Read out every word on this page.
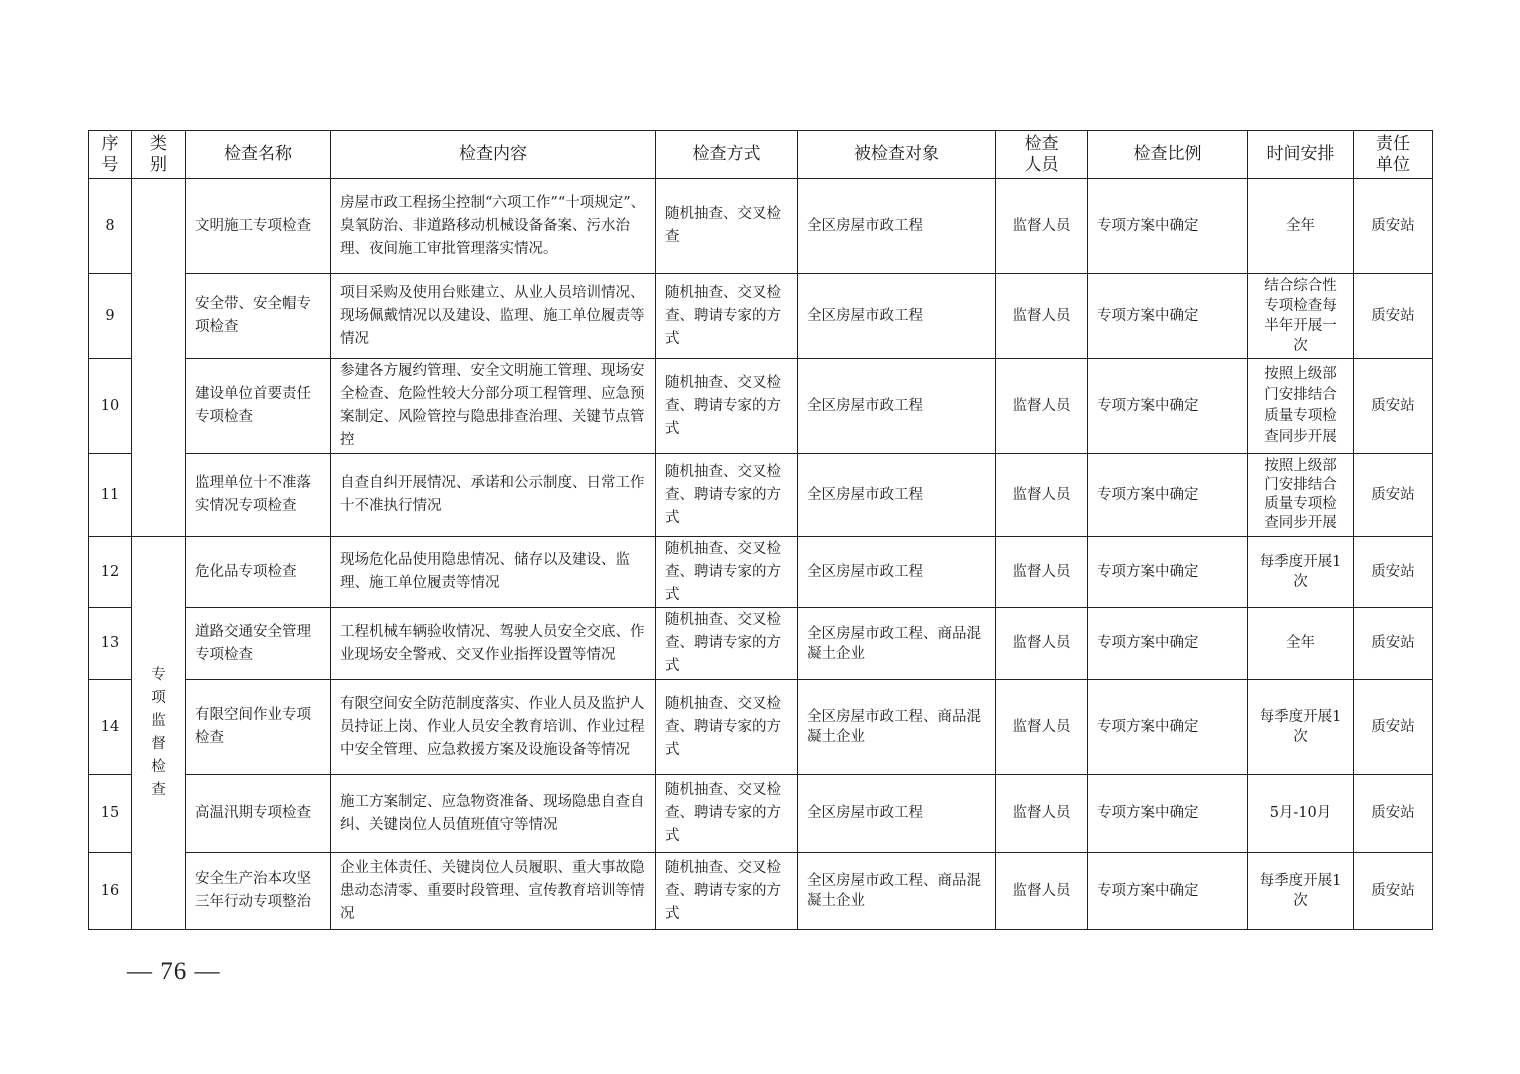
序号	类别	检查名称	检查内容	检查方式	被检查对象	检查人员	检查比例	时间安排	责任单位

8		文明施工专项检查	房屋市政工程扬尘控制“六项工作”“十项规定”、臭氧防治、非道路移动机械设备备案、污水治理、夜间施工审批管理落实情况。	随机抽查、交叉检查	全区房屋市政工程	监督人员	专项方案中确定	全年	质安站
9		安全带、安全帽专项检查	项目采购及使用台账建立、从业人员培训情况、现场佩戴情况以及建设、监理、施工单位履责等情况	随机抽查、交叉检查、聘请专家的方式	全区房屋市政工程	监督人员	专项方案中确定	结合综合性专项检查每半年开展一次	质安站
10		建设单位首要责任专项检查	参建各方履约管理、安全文明施工管理、现场安全检查、危险性较大分部分项工程管理、应急预案制定、风险管控与隐患排查治理、关键节点管控	随机抽查、交叉检查、聘请专家的方式	全区房屋市政工程	监督人员	专项方案中确定	按照上级部门安排结合质量专项检查同步开展	质安站
11		监理单位十不准落实情况专项检查	自查自纠开展情况、承诺和公示制度、日常工作十不准执行情况	随机抽查、交叉检查、聘请专家的方式	全区房屋市政工程	监督人员	专项方案中确定	按照上级部门安排结合质量专项检查同步开展	质安站
12	专项监督检查	危化品专项检查	现场危化品使用隐患情况、储存以及建设、监理、施工单位履责等情况	随机抽查、交叉检查、聘请专家的方式	全区房屋市政工程	监督人员	专项方案中确定	每季度开展1次	质安站
13		道路交通安全管理专项检查	工程机械车辆验收情况、驾驶人员安全交底、作业现场安全警戒、交叉作业指挥设置等情况	随机抽查、交叉检查、聘请专家的方式	全区房屋市政工程、商品混凝土企业	监督人员	专项方案中确定	全年	质安站
14		有限空间作业专项检查	有限空间安全防范制度落实、作业人员及监护人员持证上岗、作业人员安全教育培训、作业过程中安全管理、应急救援方案及设施设备等情况	随机抽查、交叉检查、聘请专家的方式	全区房屋市政工程、商品混凝土企业	监督人员	专项方案中确定	每季度开展1次	质安站
15		高温汛期专项检查	施工方案制定、应急物资准备、现场隐患自查自纠、关键岗位人员值班值守等情况	随机抽查、交叉检查、聘请专家的方式	全区房屋市政工程	监督人员	专项方案中确定	5月-10月	质安站
16		安全生产治本攻坚三年行动专项整治	企业主体责任、关键岗位人员履职、重大事故隐患动态清零、重要时段管理、宣传教育培训等情况	随机抽查、交叉检查、聘请专家的方式	全区房屋市政工程、商品混凝土企业	监督人员	专项方案中确定	每季度开展1次	质安站
— 76 —
